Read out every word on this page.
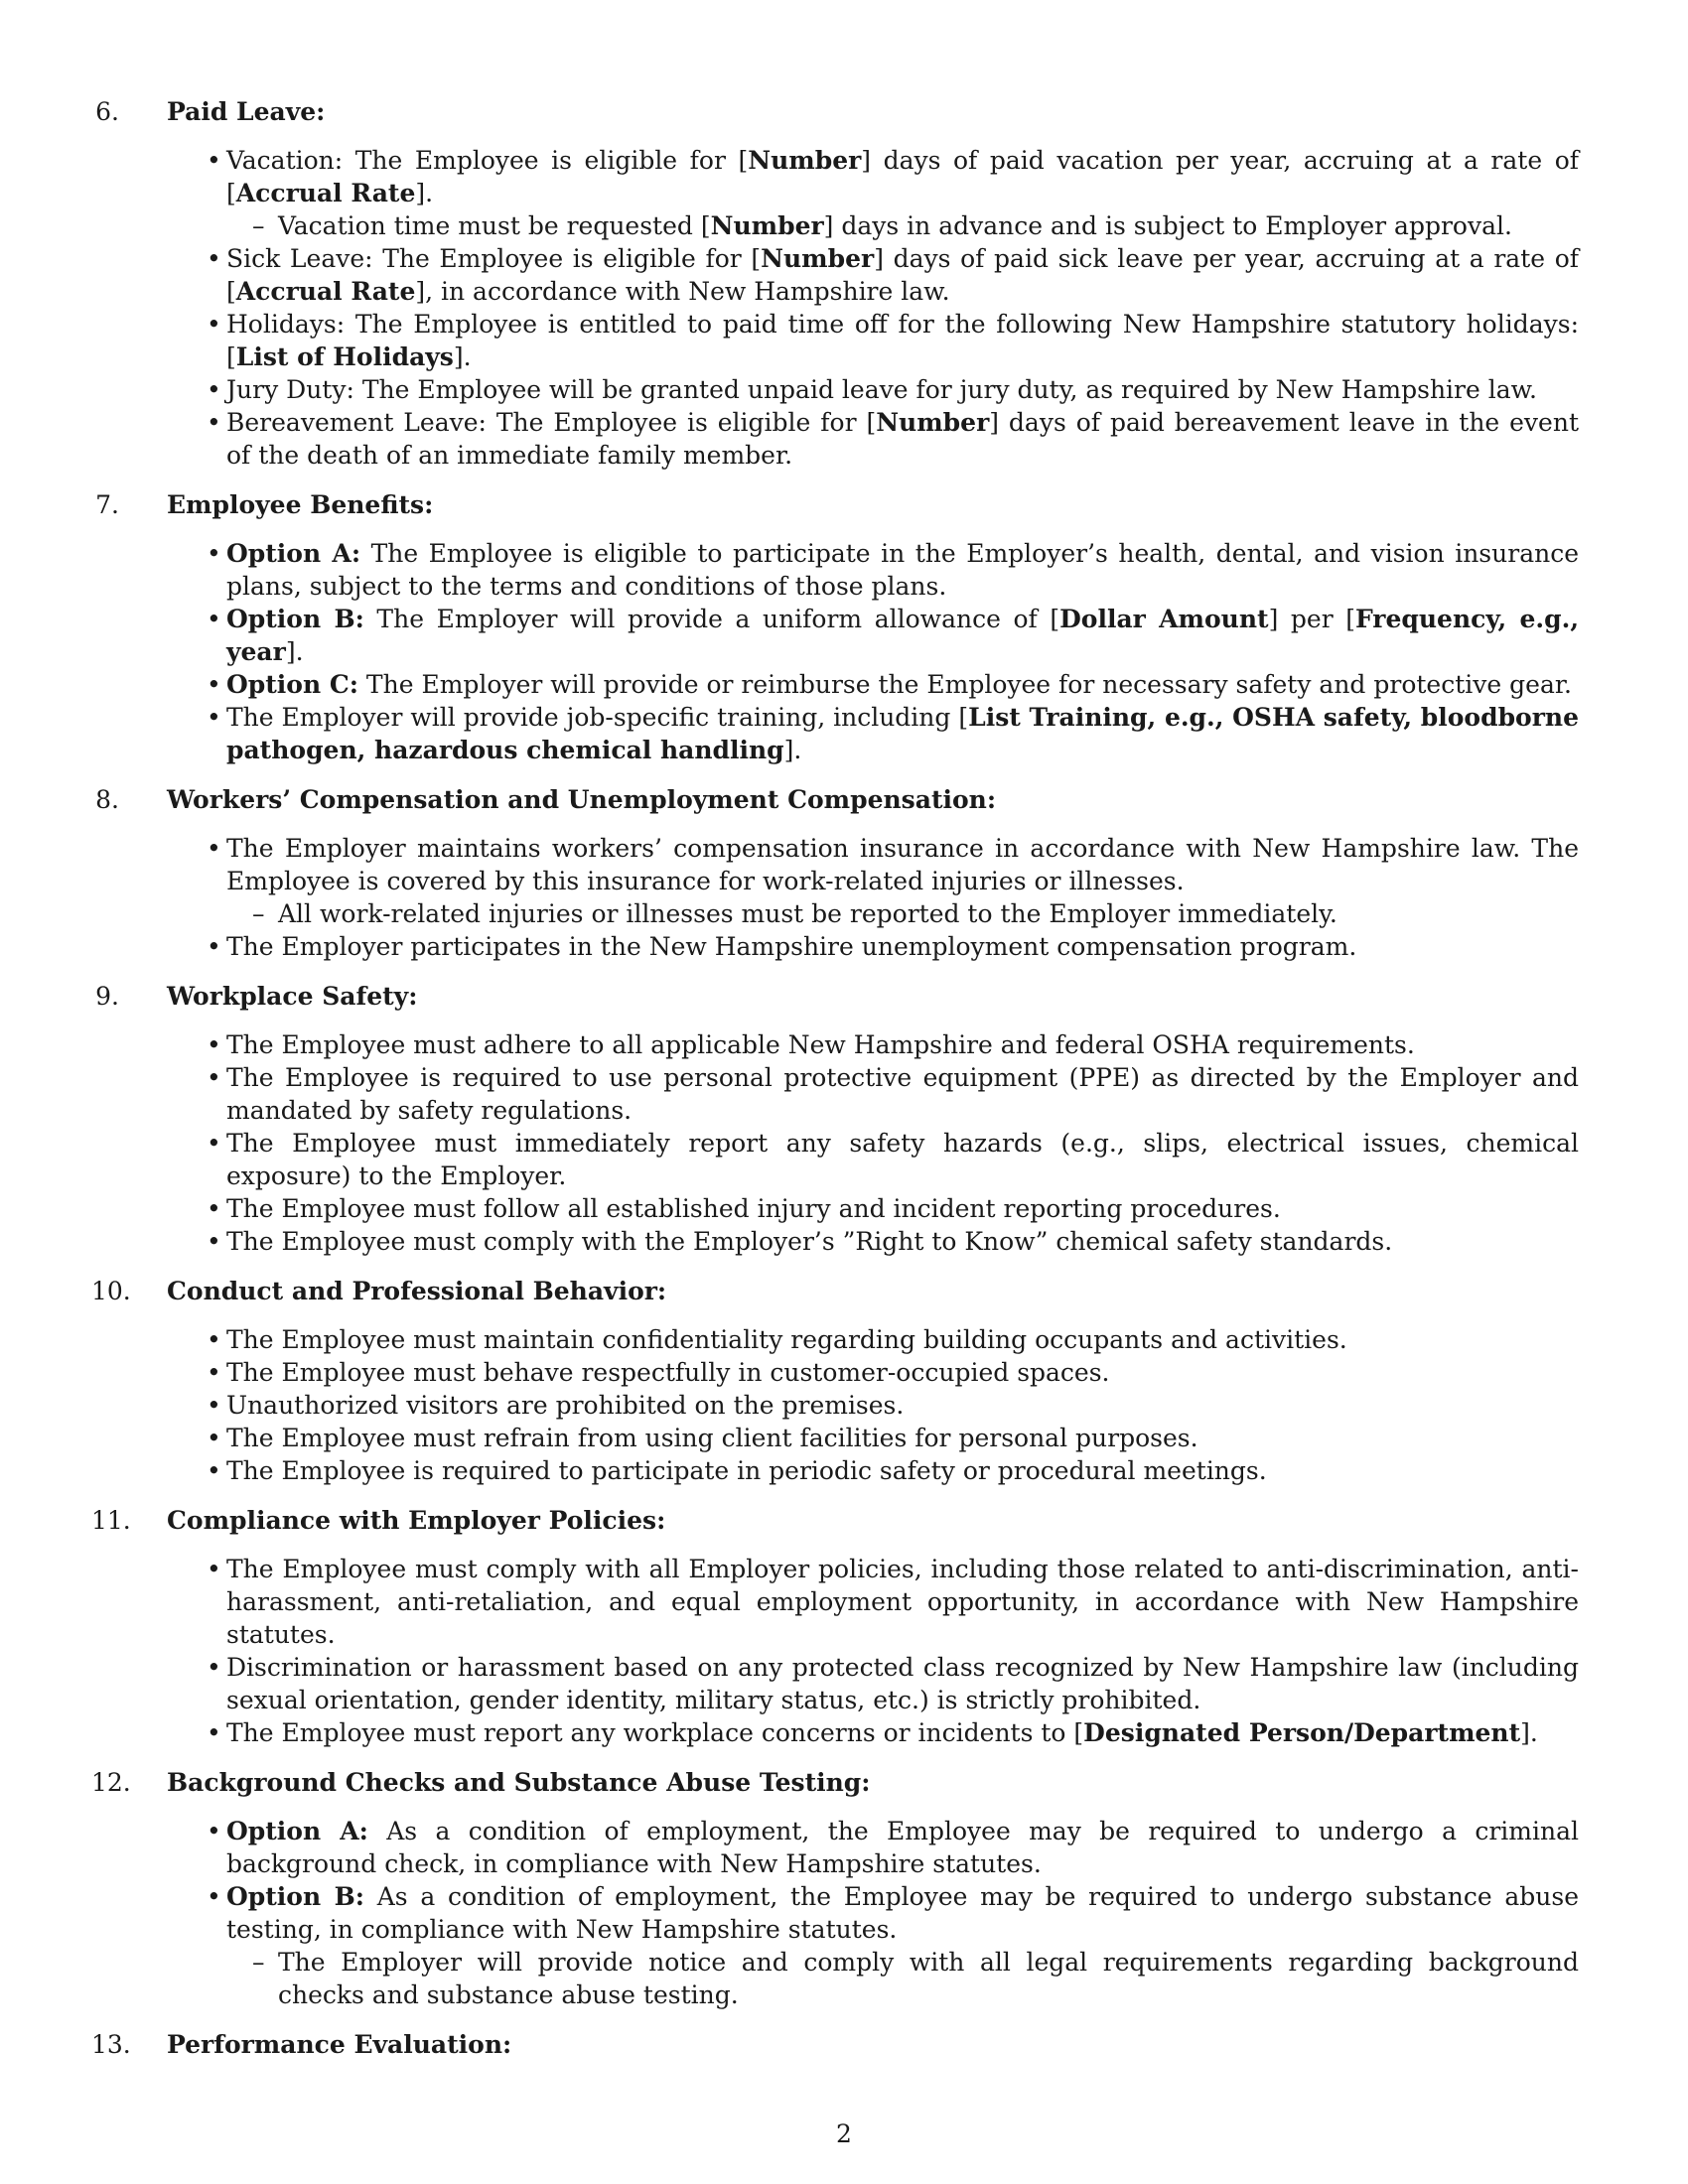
6. Paid Leave:
• Vacation: The Employee is eligible for [Number] days of paid vacation per year, accruing at a rate of [Accrual Rate].
– Vacation time must be requested [Number] days in advance and is subject to Employer approval.
• Sick Leave: The Employee is eligible for [Number] days of paid sick leave per year, accruing at a rate of [Accrual Rate], in accordance with New Hampshire law.
• Holidays: The Employee is entitled to paid time off for the following New Hampshire statutory holidays: [List of Holidays].
• Jury Duty: The Employee will be granted unpaid leave for jury duty, as required by New Hampshire law.
• Bereavement Leave: The Employee is eligible for [Number] days of paid bereavement leave in the event of the death of an immediate family member.
7. Employee Benefits:
• Option A: The Employee is eligible to participate in the Employer’s health, dental, and vision insurance plans, subject to the terms and conditions of those plans.
• Option B: The Employer will provide a uniform allowance of [Dollar Amount] per [Frequency, e.g., year].
• Option C: The Employer will provide or reimburse the Employee for necessary safety and protective gear.
• The Employer will provide job-specific training, including [List Training, e.g., OSHA safety, bloodborne pathogen, hazardous chemical handling].
8. Workers’ Compensation and Unemployment Compensation:
• The Employer maintains workers’ compensation insurance in accordance with New Hampshire law. The Employee is covered by this insurance for work-related injuries or illnesses.
– All work-related injuries or illnesses must be reported to the Employer immediately.
• The Employer participates in the New Hampshire unemployment compensation program.
9. Workplace Safety:
• The Employee must adhere to all applicable New Hampshire and federal OSHA requirements.
• The Employee is required to use personal protective equipment (PPE) as directed by the Employer and mandated by safety regulations.
• The Employee must immediately report any safety hazards (e.g., slips, electrical issues, chemical exposure) to the Employer.
• The Employee must follow all established injury and incident reporting procedures.
• The Employee must comply with the Employer’s ”Right to Know” chemical safety standards.
10. Conduct and Professional Behavior:
• The Employee must maintain confidentiality regarding building occupants and activities.
• The Employee must behave respectfully in customer-occupied spaces.
• Unauthorized visitors are prohibited on the premises.
• The Employee must refrain from using client facilities for personal purposes.
• The Employee is required to participate in periodic safety or procedural meetings.
11. Compliance with Employer Policies:
• The Employee must comply with all Employer policies, including those related to anti-discrimination, anti-harassment, anti-retaliation, and equal employment opportunity, in accordance with New Hampshire statutes.
• Discrimination or harassment based on any protected class recognized by New Hampshire law (including sexual orientation, gender identity, military status, etc.) is strictly prohibited.
• The Employee must report any workplace concerns or incidents to [Designated Person/Department].
12. Background Checks and Substance Abuse Testing:
• Option A: As a condition of employment, the Employee may be required to undergo a criminal background check, in compliance with New Hampshire statutes.
• Option B: As a condition of employment, the Employee may be required to undergo substance abuse testing, in compliance with New Hampshire statutes.
– The Employer will provide notice and comply with all legal requirements regarding background checks and substance abuse testing.
13. Performance Evaluation:
2
